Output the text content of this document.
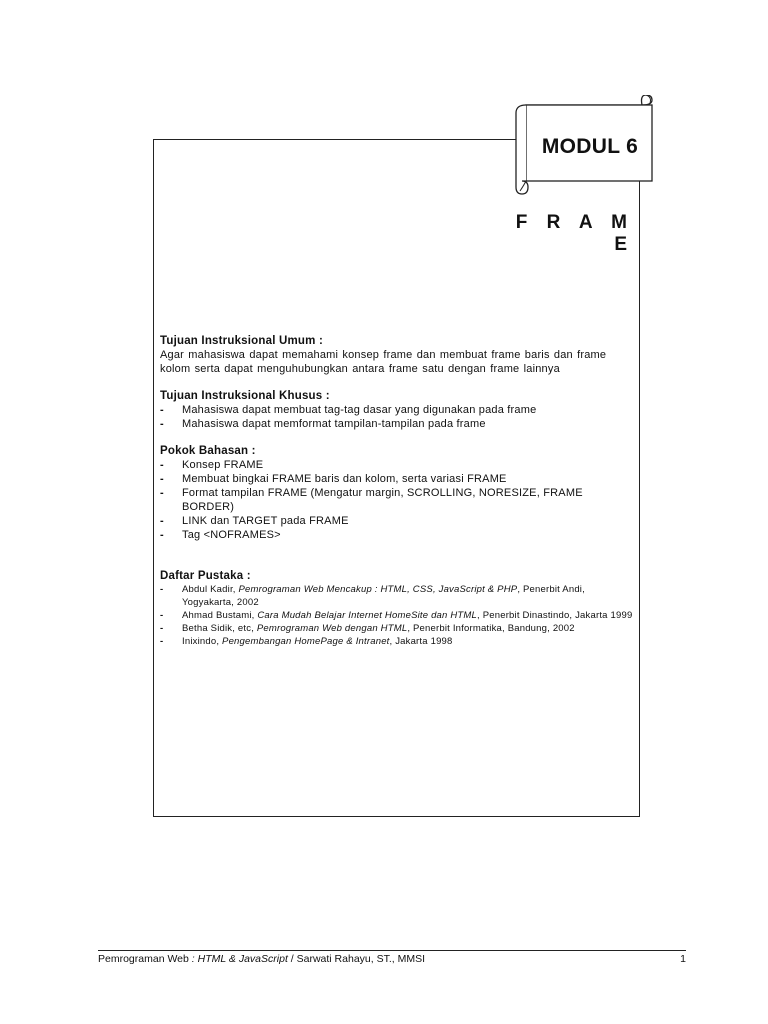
MODUL 6
F R A M E

Tujuan Instruksional Umum :

Agar mahasiswa dapat memahami konsep frame dan membuat frame baris dan frame kolom serta dapat menguhubungkan antara frame satu dengan frame lainnya

Tujuan Instruksional Khusus :

- Mahasiswa dapat membuat tag-tag dasar yang digunakan pada frame
- Mahasiswa dapat memformat tampilan-tampilan pada frame

Pokok Bahasan :

- Konsep FRAME
- Membuat bingkai FRAME baris dan kolom, serta variasi FRAME
- Format tampilan FRAME (Mengatur margin, SCROLLING, NORESIZE, FRAME BORDER)
- LINK dan TARGET pada FRAME
- Tag <NOFRAMES>

Daftar Pustaka :

- Abdul Kadir, Pemrograman Web Mencakup : HTML, CSS, JavaScript & PHP, Penerbit Andi, Yogyakarta, 2002
- Ahmad Bustami, Cara Mudah Belajar Internet HomeSite dan HTML, Penerbit Dinastindo, Jakarta 1999
- Betha Sidik, etc, Pemrograman Web dengan HTML, Penerbit Informatika, Bandung, 2002
- Inixindo, Pengembangan HomePage & Intranet, Jakarta 1998
Pemrograman Web : HTML & JavaScript / Sarwati Rahayu, ST., MMSI	1
